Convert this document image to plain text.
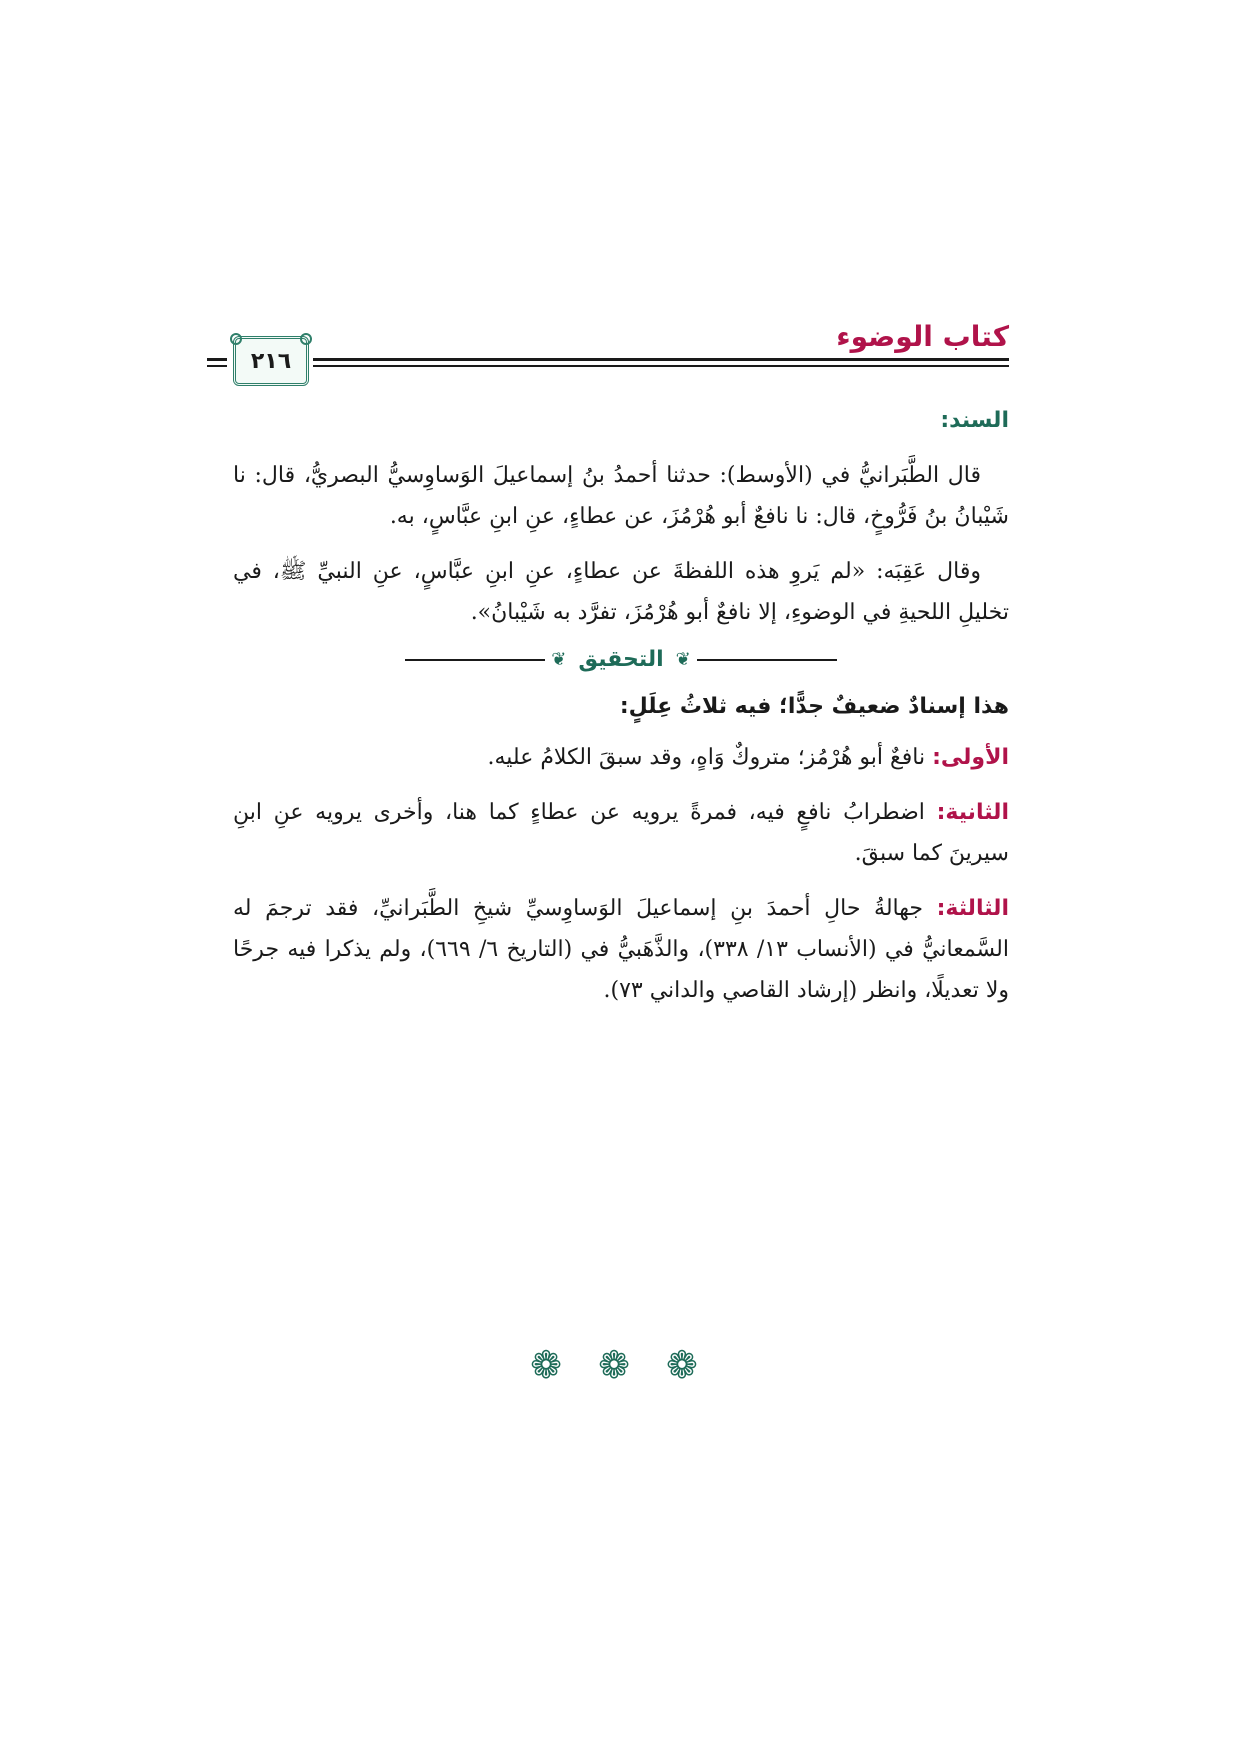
كتاب الوضوء
٢١٦
السند:

قال الطَّبَرانيُّ في (الأوسط): حدثنا أحمدُ بنُ إسماعيلَ الوَساوِسيُّ البصريُّ، قال: نا شَيْبانُ بنُ فَرُّوخٍ، قال: نا نافعٌ أبو هُرْمُزَ، عن عطاءٍ، عنِ ابنِ عبَّاسٍ، به.

وقال عَقِبَه: «لم يَروِ هذه اللفظةَ عن عطاءٍ، عنِ ابنِ عبَّاسٍ، عنِ النبيِّ ﷺ، في تخليلِ اللحيةِ في الوضوءِ، إلا نافعٌ أبو هُرْمُزَ، تفرَّد به شَيْبانُ».

❦
التحقيق
❦
هذا إسنادٌ ضعيفٌ جدًّا؛ فيه ثلاثُ عِلَلٍ:

الأولى: نافعٌ أبو هُرْمُز؛ متروكٌ وَاهٍ، وقد سبقَ الكلامُ عليه.

الثانية: اضطرابُ نافعٍ فيه، فمرةً يرويه عن عطاءٍ كما هنا، وأخرى يرويه عنِ ابنِ سيرينَ كما سبقَ.

الثالثة: جهالةُ حالِ أحمدَ بنِ إسماعيلَ الوَساوِسيِّ شيخِ الطَّبَرانيِّ، فقد ترجمَ له السَّمعانيُّ في (الأنساب ١٣/ ٣٣٨)، والذَّهَبيُّ في (التاريخ ٦/ ٦٦٩)، ولم يذكرا فيه جرحًا ولا تعديلًا، وانظر (إرشاد القاصي والداني ٧٣).

❁ ❁ ❁
